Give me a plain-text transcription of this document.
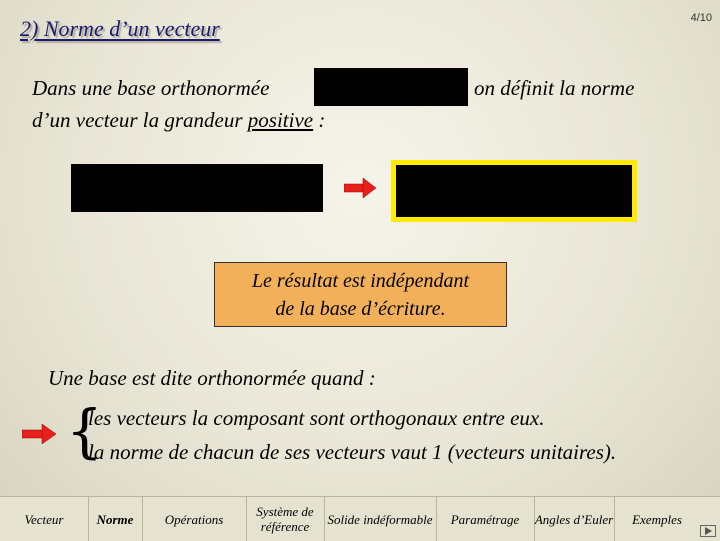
2) Norme d’un vecteur	4/10
Dans une base orthonormée	on définit la norme
d’un vecteur la grandeur positive :
Le résultat est indépendant
de la base d’écriture.
Une base est dite orthonormée quand :
{
les vecteurs la composant sont orthogonaux entre eux.
la norme de chacun de ses vecteurs vaut 1 (vecteurs unitaires).
Vecteur	Norme	Opérations	Système de référence	Solide indéformable	Paramétrage	Angles d’Euler	Exemples
